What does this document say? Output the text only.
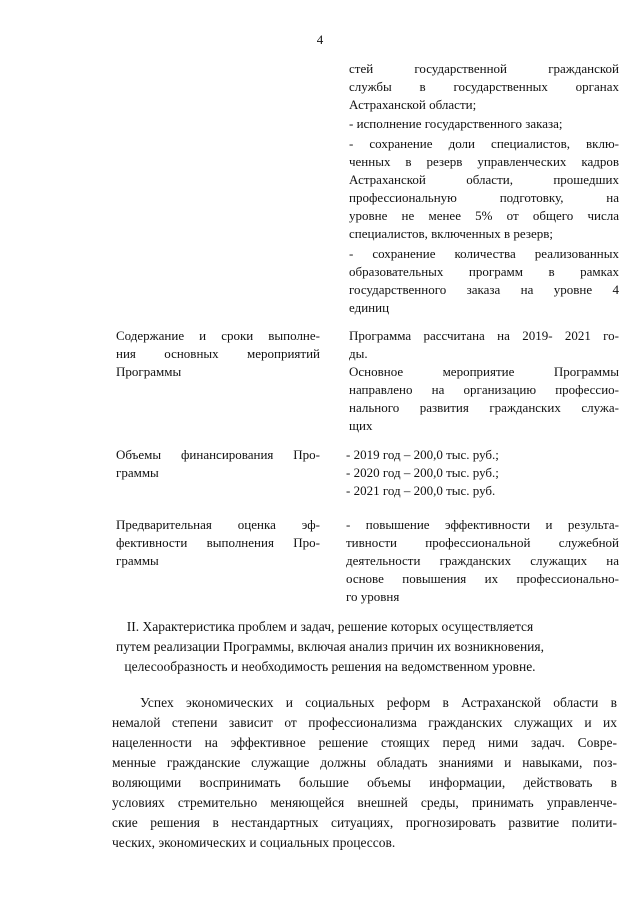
4
стей государственной гражданской
службы в государственных органах
Астраханской области;
- исполнение государственного заказа;
- сохранение доли специалистов, вклю-
ченных в резерв управленческих кадров
Астраханской области, прошедших
профессиональную подготовку, на
уровне не менее 5% от общего числа
специалистов, включенных в резерв;
- сохранение количества реализованных
образовательных программ в рамках
государственного заказа на уровне 4
единиц
Содержание и сроки выполне-
ния основных мероприятий
Программы
Программа рассчитана на 2019- 2021 го-
ды.
Основное мероприятие Программы
направлено на организацию профессио-
нального развития гражданских служа-
щих
Объемы финансирования Про-
граммы
- 2019 год – 200,0 тыс. руб.;
- 2020 год – 200,0 тыс. руб.;
- 2021 год – 200,0 тыс. руб.
Предварительная оценка эф-
фективности выполнения Про-
граммы
- повышение эффективности и результа-
тивности профессиональной служебной
деятельности гражданских служащих на
основе повышения их профессионально-
го уровня
II. Характеристика проблем и задач, решение которых осуществляется
путем реализации Программы, включая анализ причин их возникновения,
целесообразность и необходимость решения на ведомственном уровне.
Успех экономических и социальных реформ в Астраханской области в
немалой степени зависит от профессионализма гражданских служащих и их
нацеленности на эффективное решение стоящих перед ними задач. Совре-
менные гражданские служащие должны обладать знаниями и навыками, поз-
воляющими воспринимать большие объемы информации, действовать в
условиях стремительно меняющейся внешней среды, принимать управленче-
ские решения в нестандартных ситуациях, прогнозировать развитие полити-
ческих, экономических и социальных процессов.
